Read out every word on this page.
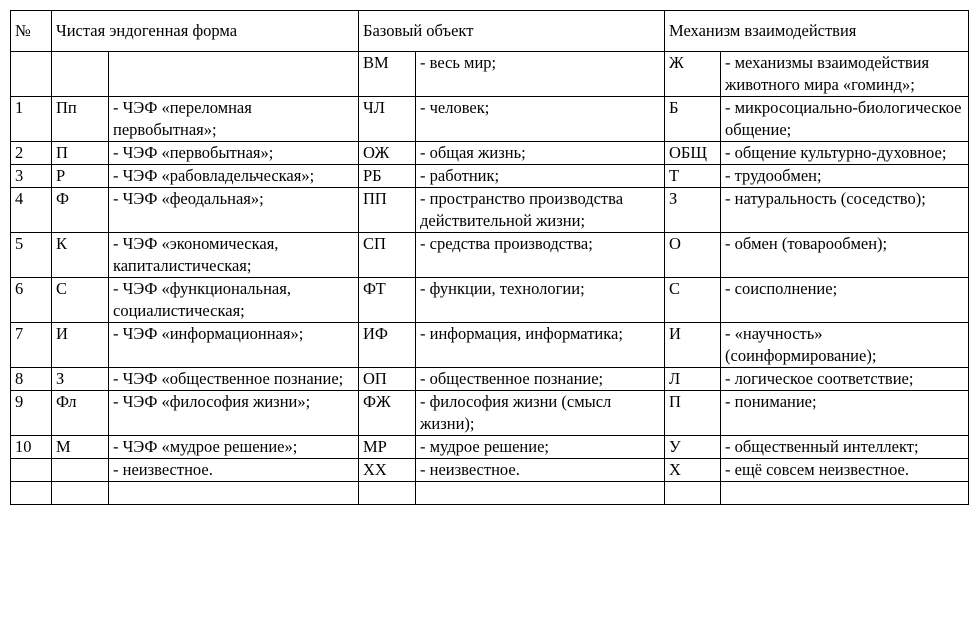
№	Чистая эндогенная форма		Базовый объект		Механизм взаимодействия	
			ВМ	- весь мир;	Ж	- механизмы взаимодействия животного мира «гоминд»;
1	Пп	- ЧЭФ «переломная первобытная»;	ЧЛ	- человек;	Б	- микросоциально-биологическое общение;
2	П	- ЧЭФ «первобытная»;	ОЖ	- общая жизнь;	ОБЩ	- общение культурно-духовное;
3	Р	- ЧЭФ «рабовладельческая»;	РБ	- работник;	Т	- трудообмен;
4	Ф	- ЧЭФ «феодальная»;	ПП	- пространство производства действительной жизни;	З	- натуральность (соседство);
5	К	- ЧЭФ «экономическая, капиталистическая;	СП	- средства производства;	О	- обмен (товарообмен);
6	С	- ЧЭФ «функциональная, социалистическая;	ФТ	- функции, технологии;	С	- соисполнение;
7	И	- ЧЭФ «информационная»;	ИФ	- информация, информатика;	И	- «научность» (соинформирование);
8	З	- ЧЭФ «общественное познание;	ОП	- общественное познание;	Л	- логическое соответствие;
9	Фл	- ЧЭФ «философия жизни»;	ФЖ	- философия жизни (смысл жизни);	П	- понимание;
10	М	- ЧЭФ «мудрое решение»;	МР	- мудрое решение;	У	- общественный интеллект;
		- неизвестное.	ХХ	- неизвестное.	Х	- ещё совсем неизвестное.
